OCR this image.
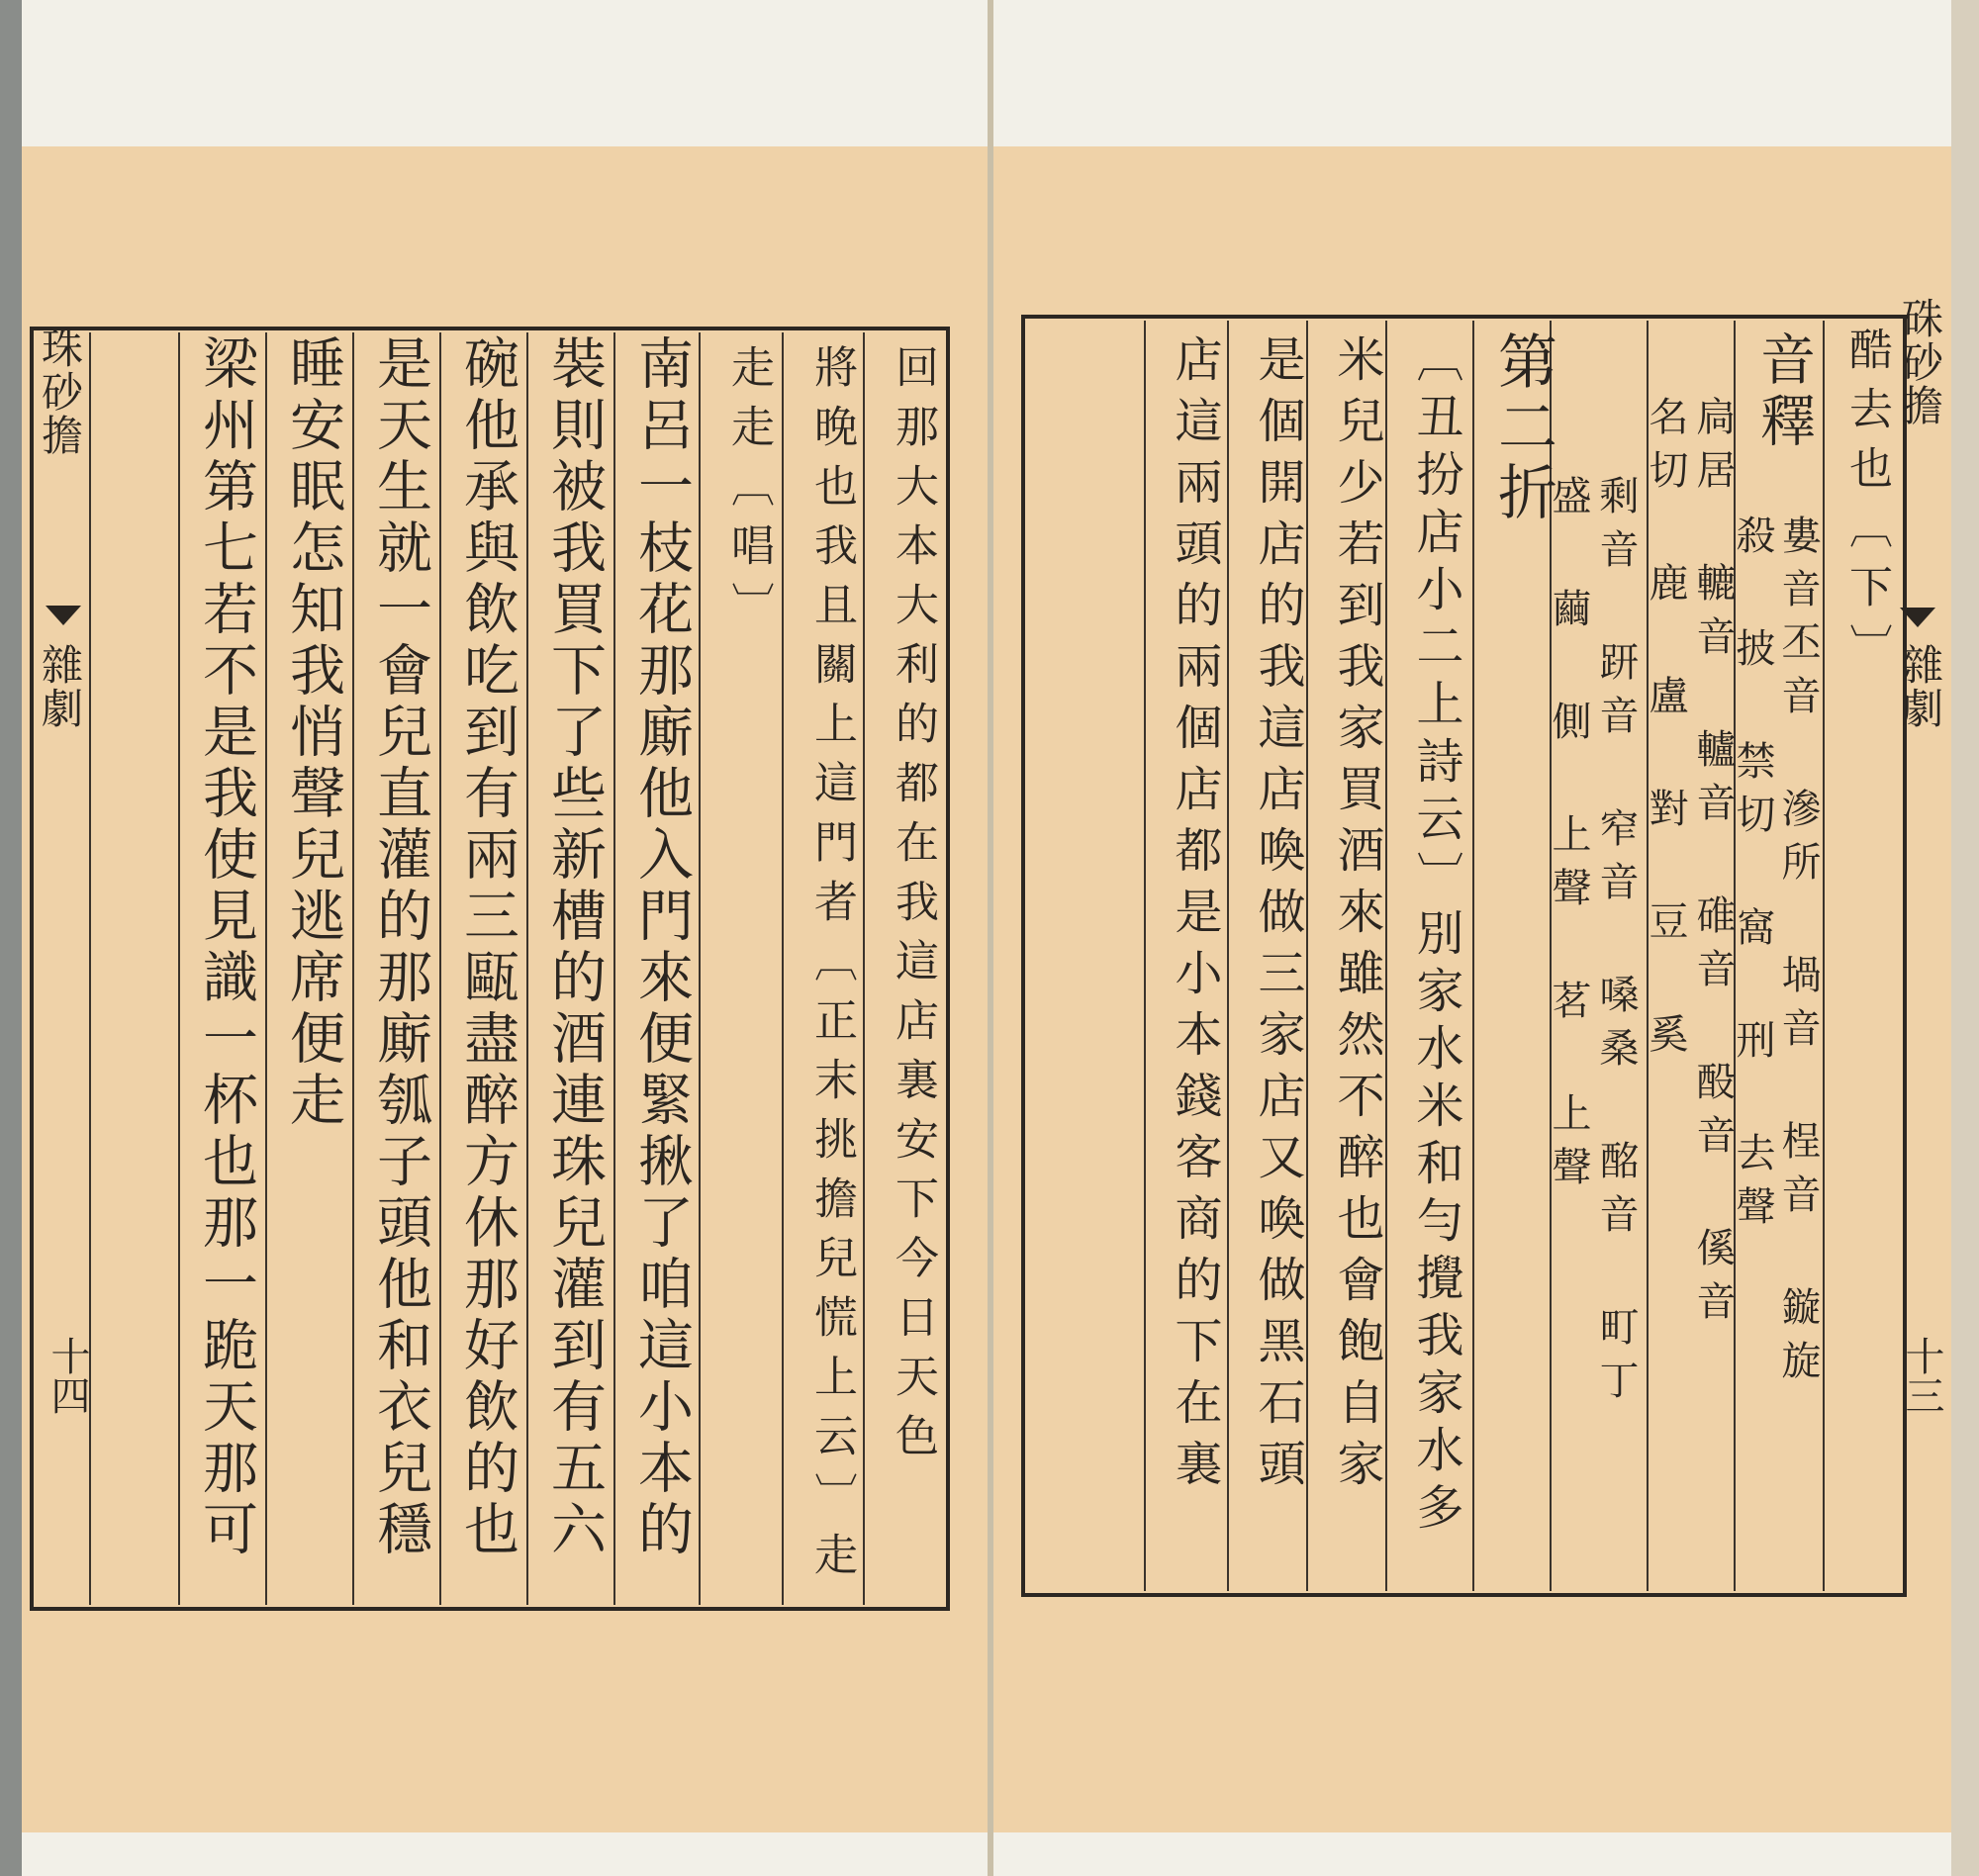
珠砂擔
雜劇
十四	回那大本大利的都在我這店裏安下今日天色
將晚也我且關上這門者〔正末挑擔兒慌上云〕走
走走〔唱〕
南呂一枝花那廝他入門來便緊揪了咱這小本的
裝則被我買下了些新槽的酒連珠兒灌到有五六
碗他承與飲吃到有兩三甌盡醉方休那好飲的也
是天生就一會兒直灌的那廝瓠子頭他和衣兒穩
睡安眠怎知我悄聲兒逃席便走
梁州第七若不是我使見識一杯也那一跪天那可	硃砂擔
雜劇
十三
酷去也〔下〕
音釋
婁音丕音 滲所 堝音 桯音 鏇旋
殺 披 禁切 窩 刑 去聲
扃居 轆音 轤音 碓音 酘音 傒音
名切 鹿 盧 對 豆 奚
剩音 趼音 窄音 嗓桑 酩音 町丁
盛 繭 側 上聲 茗 上聲
第二折
〔丑扮店小二上詩云〕別家水米和勻攪我家水多
米兒少若到我家買酒來雖然不醉也會飽自家
是個開店的我這店喚做三家店又喚做黑石頭
店這兩頭的兩個店都是小本錢客商的下在裏
